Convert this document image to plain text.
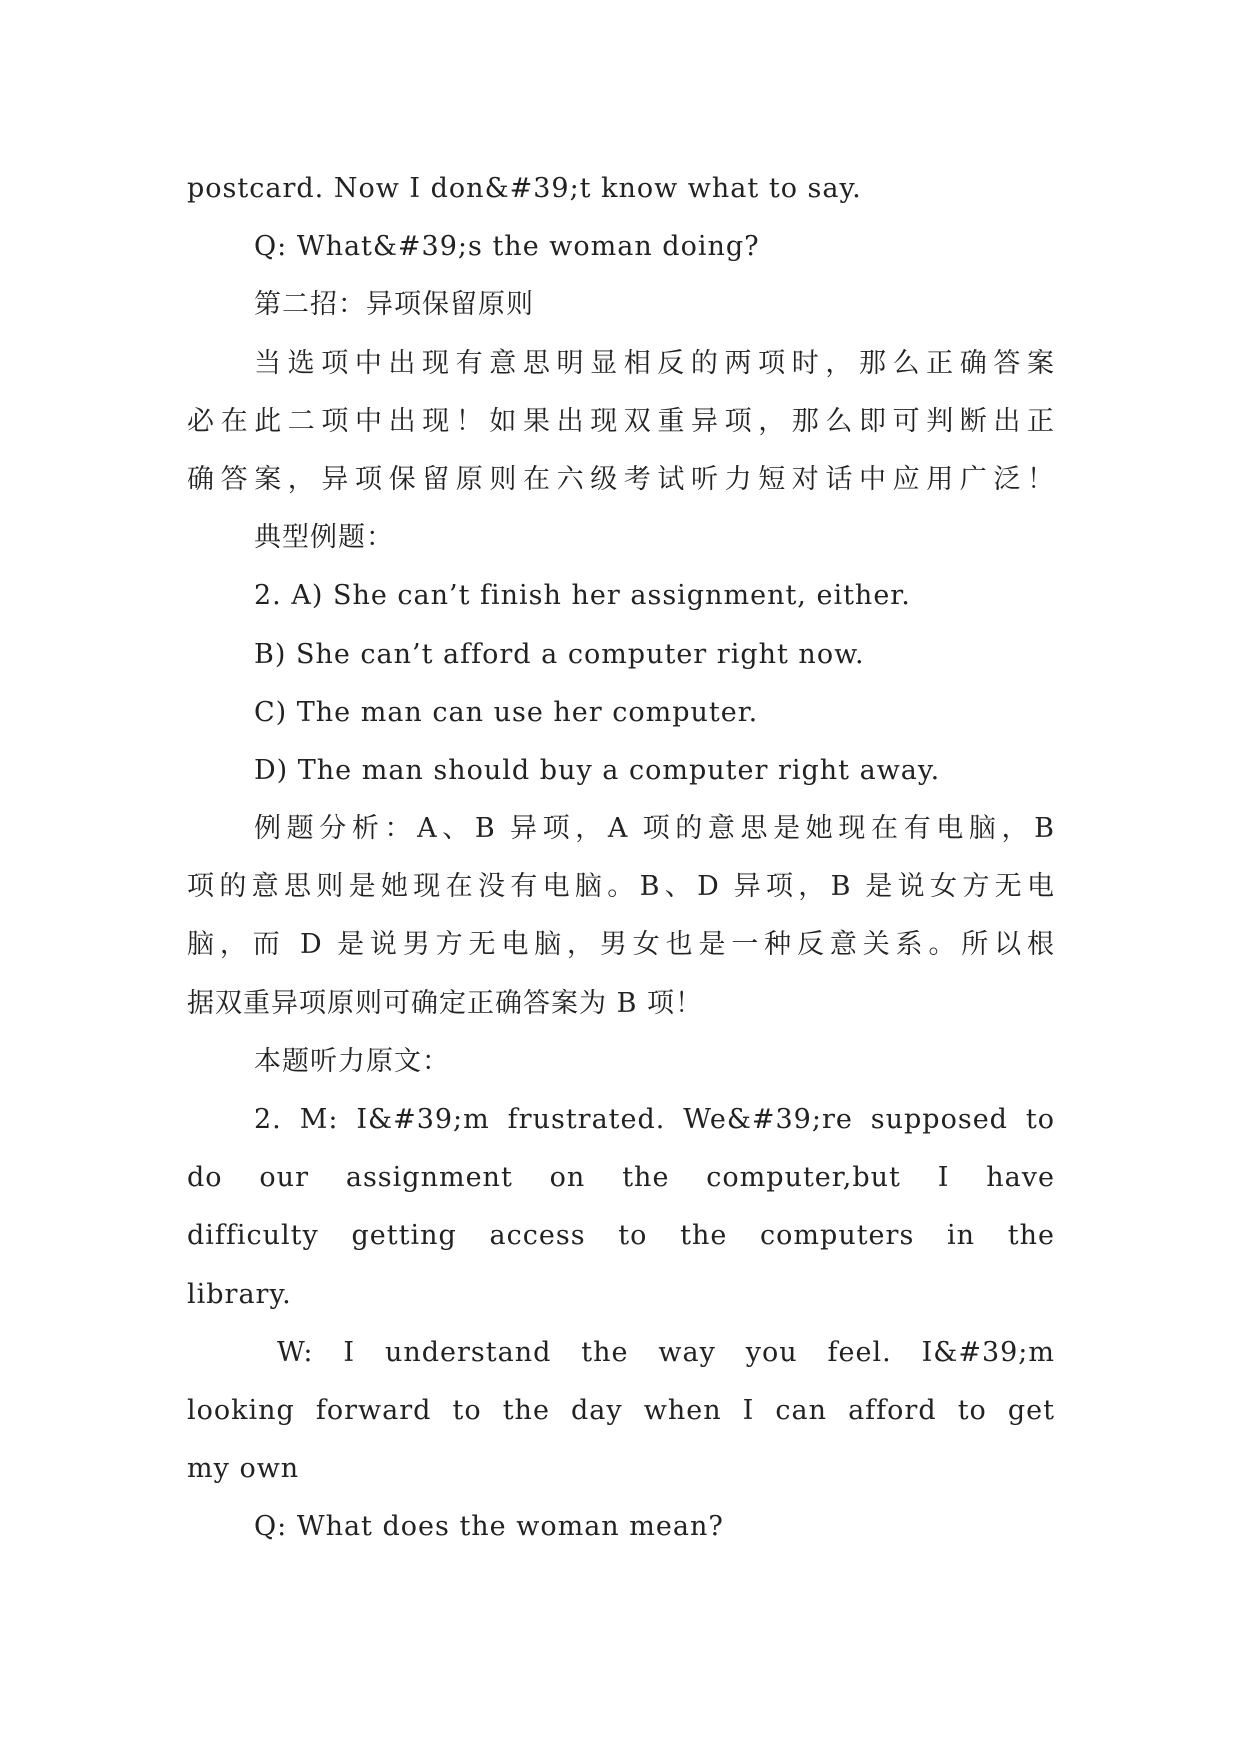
postcard. Now I don&#39;t know what to say.
Q: What&#39;s the woman doing?
第二招：异项保留原则
当选项中出现有意思明显相反的两项时，那么正确答案
必在此二项中出现！如果出现双重异项，那么即可判断出正
确答案，异项保留原则在六级考试听力短对话中应用广泛！
典型例题：
2. A) She can’t finish her assignment, either.
B) She can’t afford a computer right now.
C) The man can use her computer.
D) The man should buy a computer right away.
例题分析：A、B 异项，A 项的意思是她现在有电脑，B
项的意思则是她现在没有电脑。B、D 异项，B 是说女方无电
脑，而 D 是说男方无电脑，男女也是一种反意关系。所以根
据双重异项原则可确定正确答案为 B 项！
本题听力原文：
2. M: I&#39;m frustrated. We&#39;re supposed to
do our assignment on the computer,but I have
difficulty getting access to the computers in the
library.
W: I understand the way you feel. I&#39;m
looking forward to the day when I can afford to get
my own
Q: What does the woman mean?
